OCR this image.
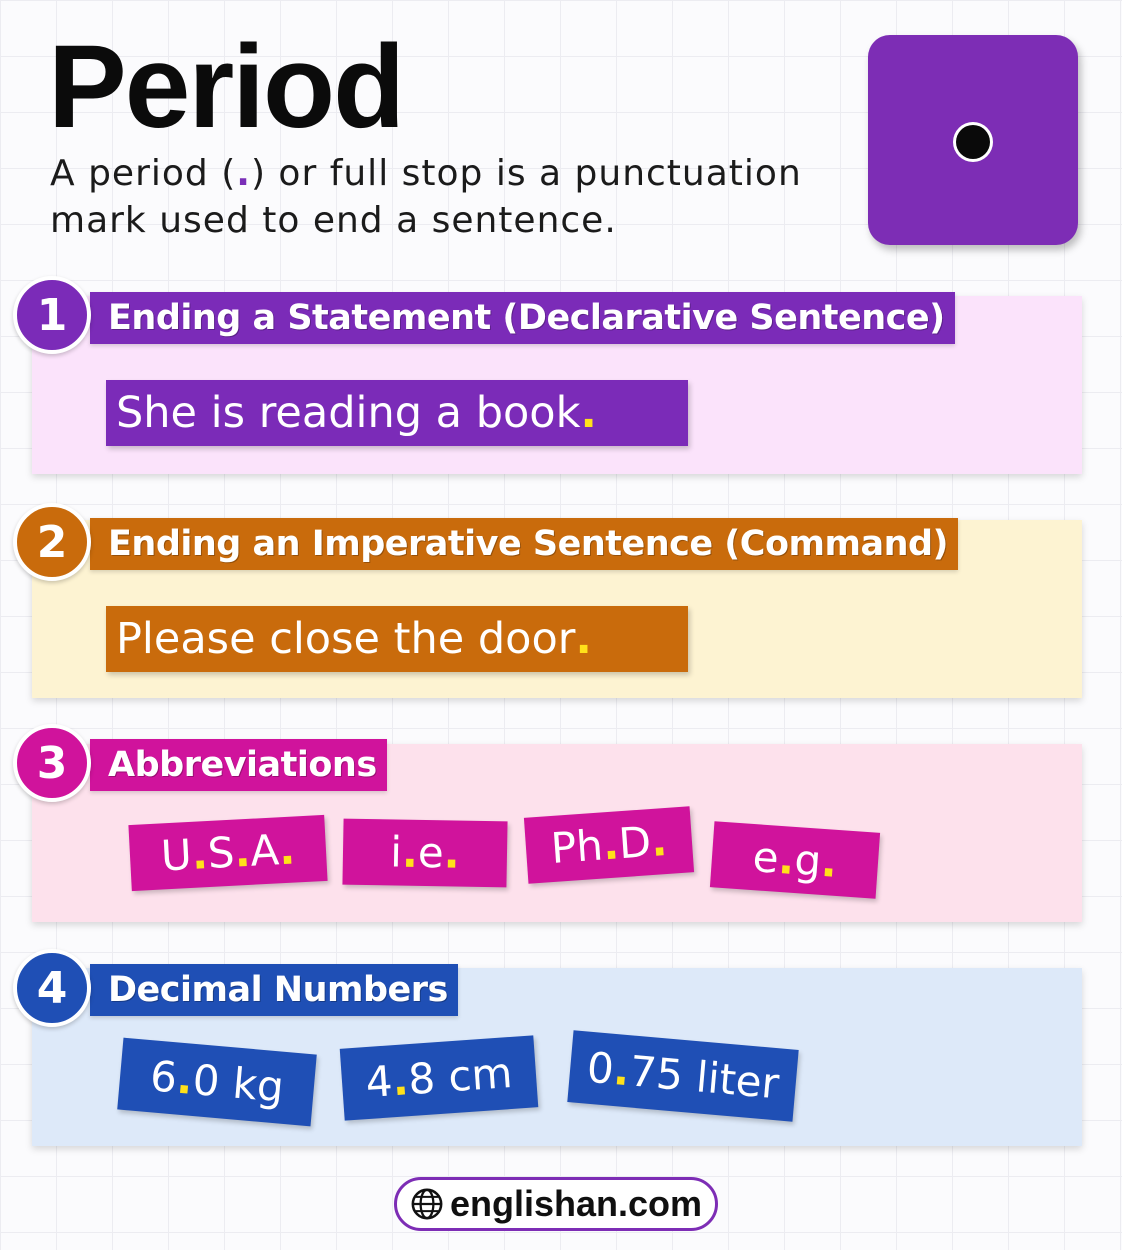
Period

A period (.) or full stop is a punctuation mark used to end a sentence.

1	Ending a Statement (Declarative Sentence)
She is reading a book.
2	Ending an Imperative Sentence (Command)
Please close the door.
3	Abbreviations
U.S.A.	i.e.	Ph.D.	e.g.
4	Decimal Numbers
6.0 kg	4.8 cm	0.75 liter
englishan.com
